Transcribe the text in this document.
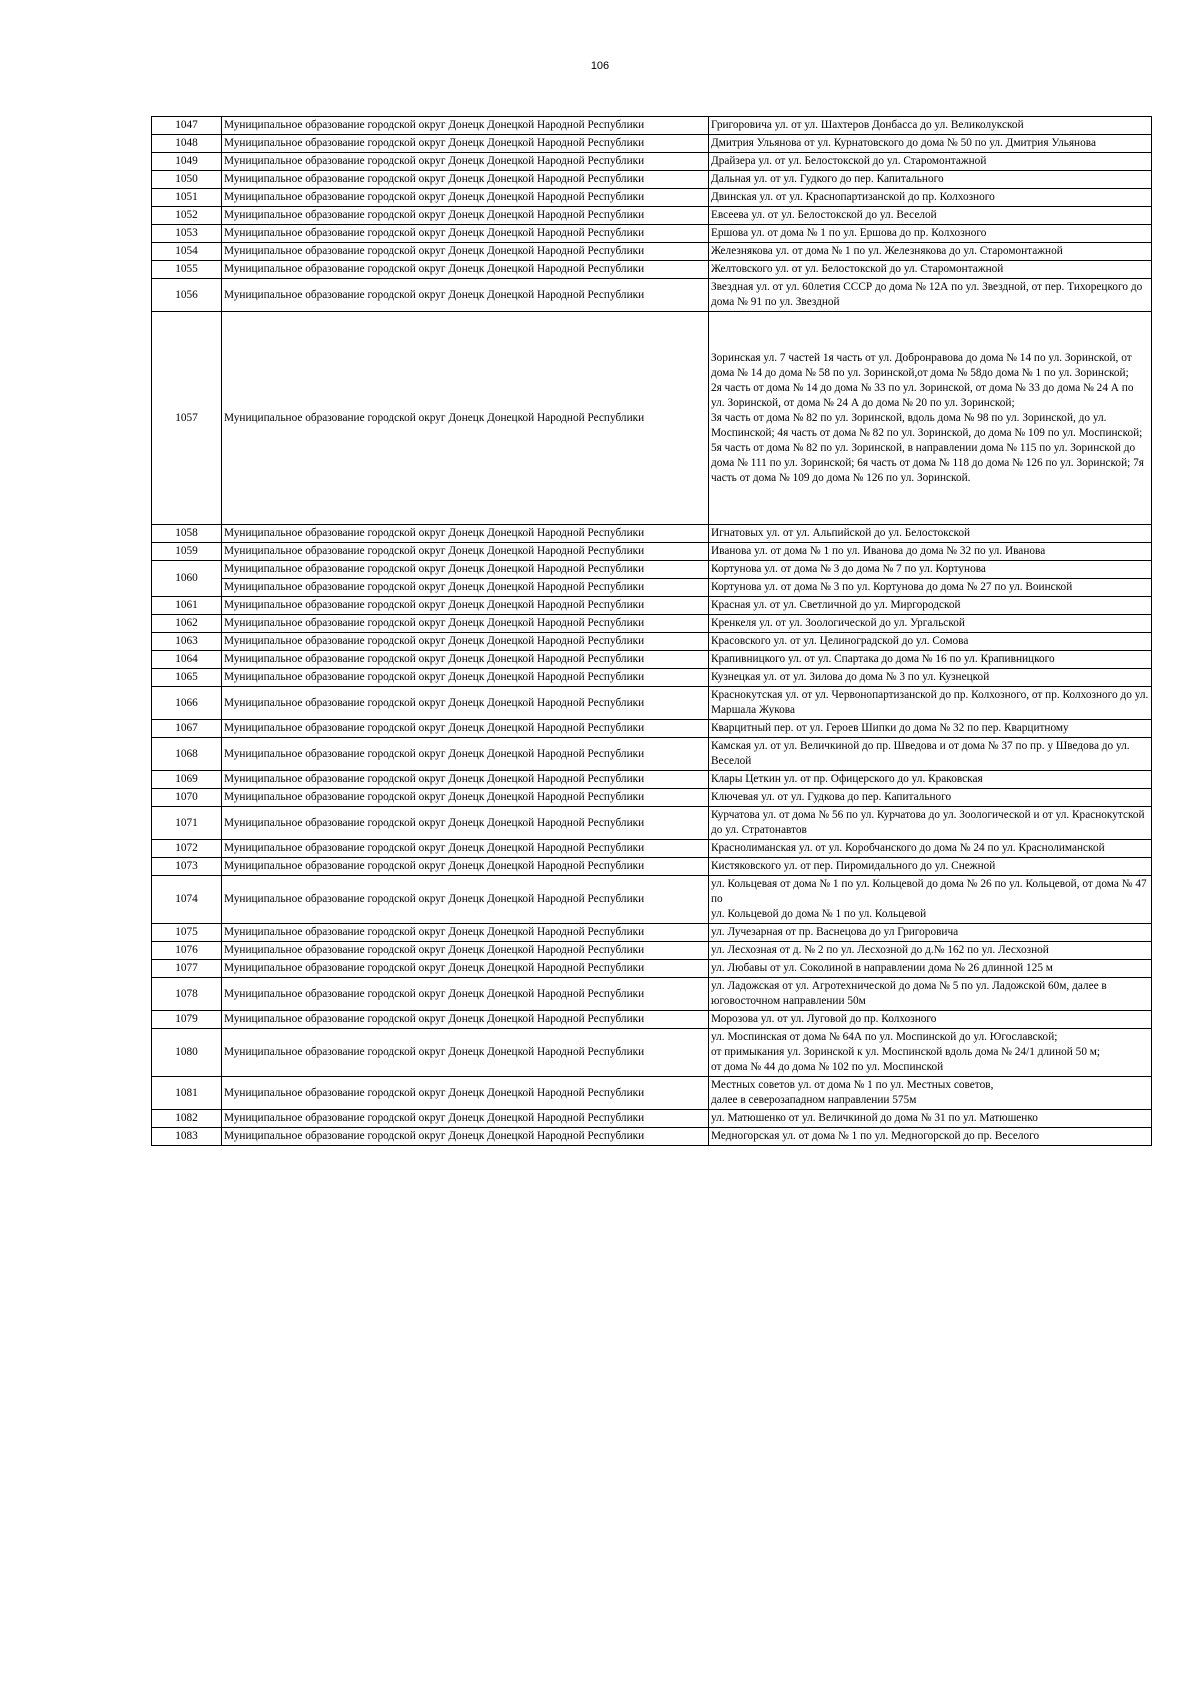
106
1047	Муниципальное образование городской округ Донецк Донецкой Народной Республики	Григоровича ул. от ул. Шахтеров Донбасса до ул. Великолукской

1048	Муниципальное образование городской округ Донецк Донецкой Народной Республики	Дмитрия Ульянова от ул. Курнатовского до дома № 50 по ул. Дмитрия Ульянова

1049	Муниципальное образование городской округ Донецк Донецкой Народной Республики	Драйзера ул. от ул. Белостокской до ул. Старомонтажной

1050	Муниципальное образование городской округ Донецк Донецкой Народной Республики	Дальная ул. от ул. Гудкого до пер. Капитального

1051	Муниципальное образование городской округ Донецк Донецкой Народной Республики	Двинская ул. от ул. Краснопартизанской до пр. Колхозного

1052	Муниципальное образование городской округ Донецк Донецкой Народной Республики	Евсеева ул. от ул. Белостокской до ул. Веселой

1053	Муниципальное образование городской округ Донецк Донецкой Народной Республики	Ершова ул. от дома № 1 по ул. Ершова до пр. Колхозного

1054	Муниципальное образование городской округ Донецк Донецкой Народной Республики	Железнякова ул. от дома № 1 по ул. Железнякова до ул. Старомонтажной

1055	Муниципальное образование городской округ Донецк Донецкой Народной Республики	Желтовского ул. от ул. Белостокской до ул. Старомонтажной

1056	Муниципальное образование городской округ Донецк Донецкой Народной Республики	Звездная ул. от ул. 60летия СССР до дома № 12А по ул. Звездной, от пер. Тихорецкого до дома № 91 по ул. Звездной

1057	Муниципальное образование городской округ Донецк Донецкой Народной Республики	Зоринская ул. 7 частей 1я часть от ул. Добронравова до дома № 14 по ул. Зоринской, от дома № 14 до дома № 58 по ул. Зоринской,от дома № 58до дома № 1 по ул. Зоринской;
2я часть от дома № 14 до дома № 33 по ул. Зоринской, от дома № 33 до дома № 24 А по ул. Зоринской, от дома № 24 А до дома № 20 по ул. Зоринской;
3я часть от дома № 82 по ул. Зоринской, вдоль дома № 98 по ул. Зоринской, до ул. Моспинской; 4я часть от дома № 82 по ул. Зоринской, до дома № 109 по ул. Моспинской;
5я часть от дома № 82 по ул. Зоринской, в направлении дома № 115 по ул. Зоринской до дома № 111 по ул. Зоринской; 6я часть от дома № 118 до дома № 126 по ул. Зоринской; 7я часть от дома № 109 до дома № 126 по ул. Зоринской.

1058	Муниципальное образование городской округ Донецк Донецкой Народной Республики	Игнатовых ул. от ул. Альпийской до ул. Белостокской

1059	Муниципальное образование городской округ Донецк Донецкой Народной Республики	Иванова ул. от дома № 1 по ул. Иванова до дома № 32 по ул. Иванова

1060	Муниципальное образование городской округ Донецк Донецкой Народной Республики	Кортунова ул. от дома № 3 до дома № 7 по ул. Кортунова

	Муниципальное образование городской округ Донецк Донецкой Народной Республики	Кортунова ул. от дома № 3 по ул. Кортунова до дома № 27 по ул. Воинской

1061	Муниципальное образование городской округ Донецк Донецкой Народной Республики	Красная ул. от ул. Светличной до ул. Миргородской

1062	Муниципальное образование городской округ Донецк Донецкой Народной Республики	Кренкеля ул. от ул. Зоологической до ул. Ургальской

1063	Муниципальное образование городской округ Донецк Донецкой Народной Республики	Красовского ул. от ул. Целиноградской до ул. Сомова

1064	Муниципальное образование городской округ Донецк Донецкой Народной Республики	Крапивницкого ул. от ул. Спартака до дома № 16 по ул. Крапивницкого

1065	Муниципальное образование городской округ Донецк Донецкой Народной Республики	Кузнецкая ул. от ул. Зилова до дома № 3 по ул. Кузнецкой

1066	Муниципальное образование городской округ Донецк Донецкой Народной Республики	Краснокутская ул. от ул. Червонопартизанской до пр. Колхозного, от пр. Колхозного до ул. Маршала Жукова

1067	Муниципальное образование городской округ Донецк Донецкой Народной Республики	Кварцитный пер. от ул. Героев Шипки до дома № 32 по пер. Кварцитному

1068	Муниципальное образование городской округ Донецк Донецкой Народной Республики	Камская ул. от ул. Величкиной до пр. Шведова и от дома № 37 по пр. у Шведова до ул. Веселой

1069	Муниципальное образование городской округ Донецк Донецкой Народной Республики	Клары Цеткин ул. от пр. Офицерского до ул. Краковская

1070	Муниципальное образование городской округ Донецк Донецкой Народной Республики	Ключевая ул. от ул. Гудкова до пер. Капитального

1071	Муниципальное образование городской округ Донецк Донецкой Народной Республики	Курчатова ул. от дома № 56 по ул. Курчатова до ул. Зоологической и от ул. Краснокутской до ул. Стратонавтов

1072	Муниципальное образование городской округ Донецк Донецкой Народной Республики	Краснолиманская ул. от ул. Коробчанского до дома № 24 по ул. Краснолиманской

1073	Муниципальное образование городской округ Донецк Донецкой Народной Республики	Кистяковского ул. от пер. Пиромидального до ул. Снежной

1074	Муниципальное образование городской округ Донецк Донецкой Народной Республики	ул. Кольцевая от дома № 1 по ул. Кольцевой до дома № 26 по ул. Кольцевой, от дома № 47 по
ул. Кольцевой до дома № 1 по ул. Кольцевой

1075	Муниципальное образование городской округ Донецк Донецкой Народной Республики	ул. Лучезарная от пр. Васнецова до ул Григоровича

1076	Муниципальное образование городской округ Донецк Донецкой Народной Республики	ул. Лесхозная от д. № 2 по ул. Лесхозной до д.№ 162 по ул. Лесхозной

1077	Муниципальное образование городской округ Донецк Донецкой Народной Республики	ул. Любавы от ул. Соколиной в направлении дома № 26 длинной 125 м

1078	Муниципальное образование городской округ Донецк Донецкой Народной Республики	ул. Ладожская от ул. Агротехнической до дома № 5 по ул. Ладожской 60м, далее в юговосточном направлении 50м

1079	Муниципальное образование городской округ Донецк Донецкой Народной Республики	Морозова ул. от ул. Луговой до пр. Колхозного

1080	Муниципальное образование городской округ Донецк Донецкой Народной Республики	ул. Моспинская от дома № 64А по ул. Моспинской до ул. Югославской;
от примыкания ул. Зоринской к ул. Моспинской вдоль дома № 24/1 длиной 50 м;
от дома № 44 до дома № 102 по ул. Моспинской

1081	Муниципальное образование городской округ Донецк Донецкой Народной Республики	Местных советов ул. от дома № 1 по ул. Местных советов,
далее в северозападном направлении 575м

1082	Муниципальное образование городской округ Донецк Донецкой Народной Республики	ул. Матюшенко от ул. Величкиной до дома № 31 по ул. Матюшенко

1083	Муниципальное образование городской округ Донецк Донецкой Народной Республики	Медногорская ул. от дома № 1 по ул. Медногорской до пр. Веселого
